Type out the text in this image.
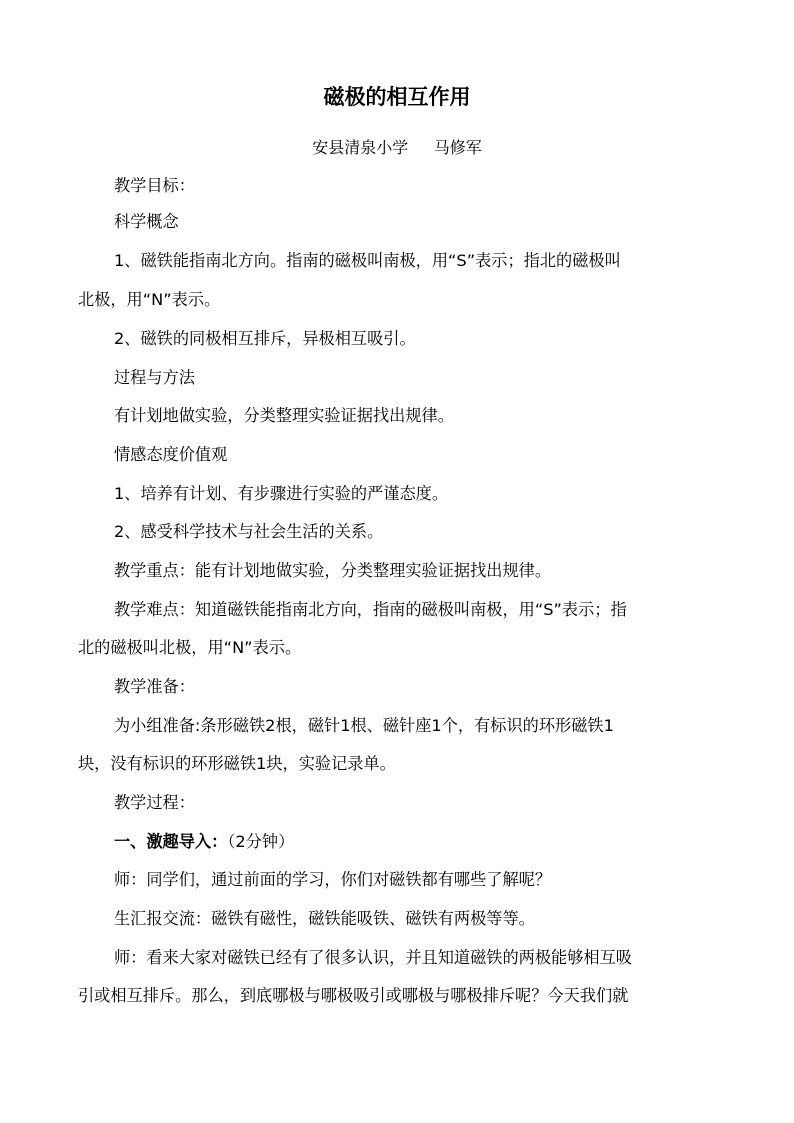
磁极的相互作用
安县清泉小学     马修军
教学目标：
科学概念
1、磁铁能指南北方向。指南的磁极叫南极，用“S”表示；指北的磁极叫
北极，用“N”表示。
2、磁铁的同极相互排斥，异极相互吸引。
过程与方法
有计划地做实验，分类整理实验证据找出规律。
情感态度价值观
1、培养有计划、有步骤进行实验的严谨态度。
2、感受科学技术与社会生活的关系。
教学重点：能有计划地做实验，分类整理实验证据找出规律。
教学难点：知道磁铁能指南北方向，指南的磁极叫南极，用“S”表示；指
北的磁极叫北极，用“N”表示。
教学准备：
为小组准备:条形磁铁2根，磁针1根、磁针座1个，有标识的环形磁铁1
块，没有标识的环形磁铁1块，实验记录单。
教学过程：
一、激趣导入：（2分钟）
师：同学们，通过前面的学习，你们对磁铁都有哪些了解呢？
生汇报交流：磁铁有磁性，磁铁能吸铁、磁铁有两极等等。
师：看来大家对磁铁已经有了很多认识，并且知道磁铁的两极能够相互吸
引或相互排斥。那么，到底哪极与哪极吸引或哪极与哪极排斥呢？今天我们就
